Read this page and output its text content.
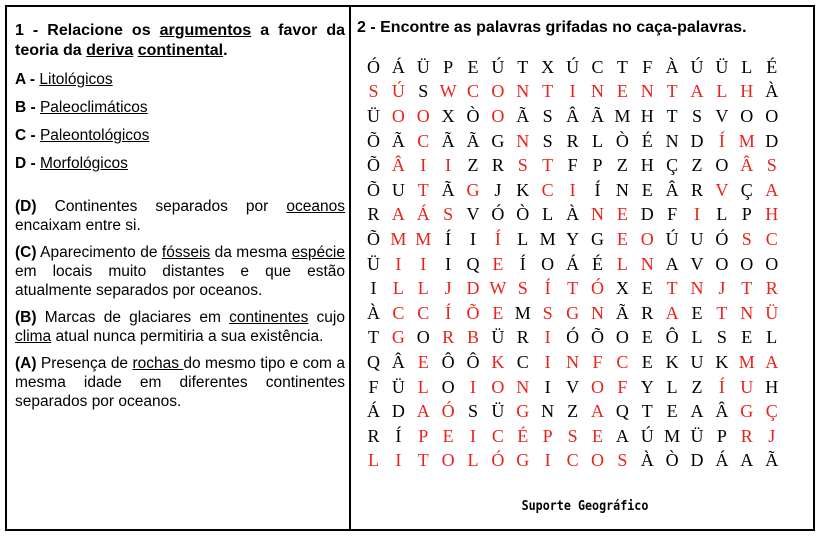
1 - Relacione os argumentos a favor da teoria da deriva continental.

A - Litológicos

B - Paleoclimáticos

C - Paleontológicos

D - Morfológicos

(D) Continentes separados por oceanos encaixam entre si.

(C) Aparecimento de fósseis da mesma espécie em locais muito distantes e que estão atualmente separados por oceanos.

(B) Marcas de glaciares em continentes cujo clima atual nunca permitiria a sua existência.

(A) Presença de rochas do mesmo tipo e com a mesma idade em diferentes continentes separados por oceanos.

2 - Encontre as palavras grifadas no caça-palavras.
Ó Á Ü P E Ú T X Ú C T F À Ú Ü L É
S Ú S W C O N T I N E N T A L H À
Ü O O X Ò O Ã S Â Ã M H T S V O O
Õ Ã C Ã Ã G N S R L Ò É N D Í M D
Õ Â I	I Z R S T F P Z H Ç Z O Â S
Õ U T Ã G J K C I	Í N E Â R V Ç A
R A Á S V Ó Ò L À N E D F I L P H
Õ M M Í	I	Í L M Y G E O Ú U Ó S C
Ü I	I	I Q E Í O Á É L N A V O O O
I L L J D W S Í T Ó X E T N J T R
À C C Í Õ E M S G N Ã R A E T N Ü
T G O R B Ü R I Ó Õ O E Ô L S E L
Q Â E Ô Ô K C I N F C E K U K M A
F Ü L O I O N I V O F Y L Z Í U H
Á D A Ó S Ü G N Z A Q T E A Â G Ç
R Í P E I C É P S E A Ú M Ü P R J
L I T O L Ó G I C O S À Ò D Á A Ã
Suporte Geográfico
